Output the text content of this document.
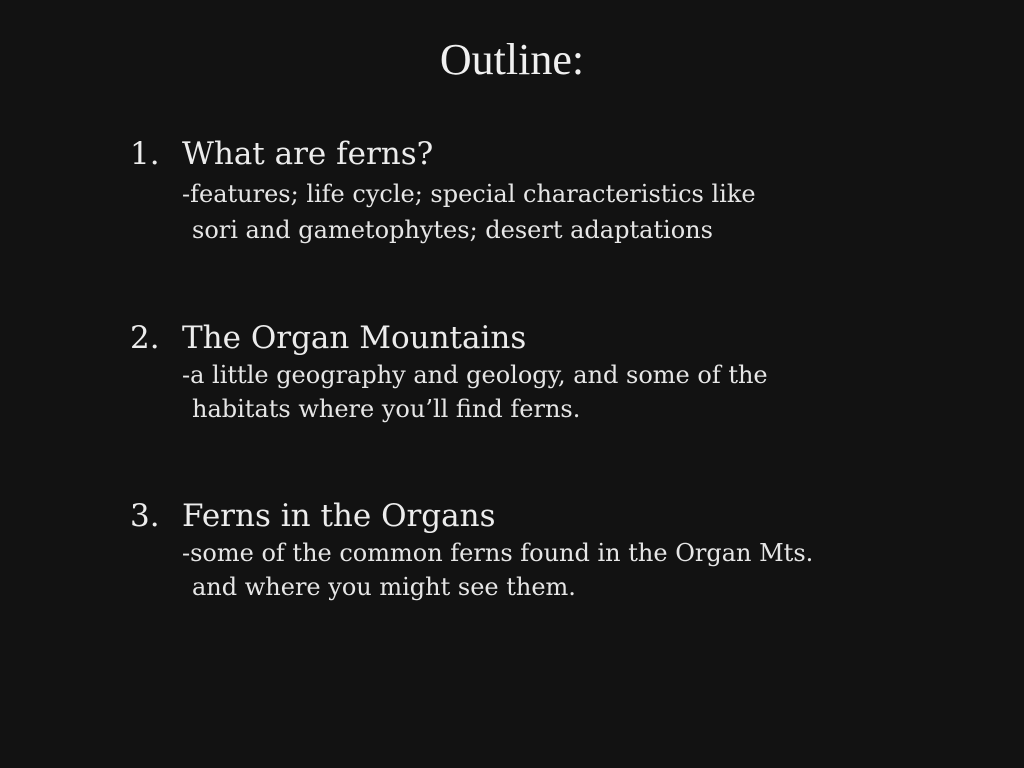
Outline:
1. What are ferns?
-features; life cycle; special characteristics like
sori and gametophytes; desert adaptations
2. The Organ Mountains
-a little geography and geology, and some of the
habitats where you’ll find ferns.
3. Ferns in the Organs
-some of the common ferns found in the Organ Mts.
and where you might see them.
